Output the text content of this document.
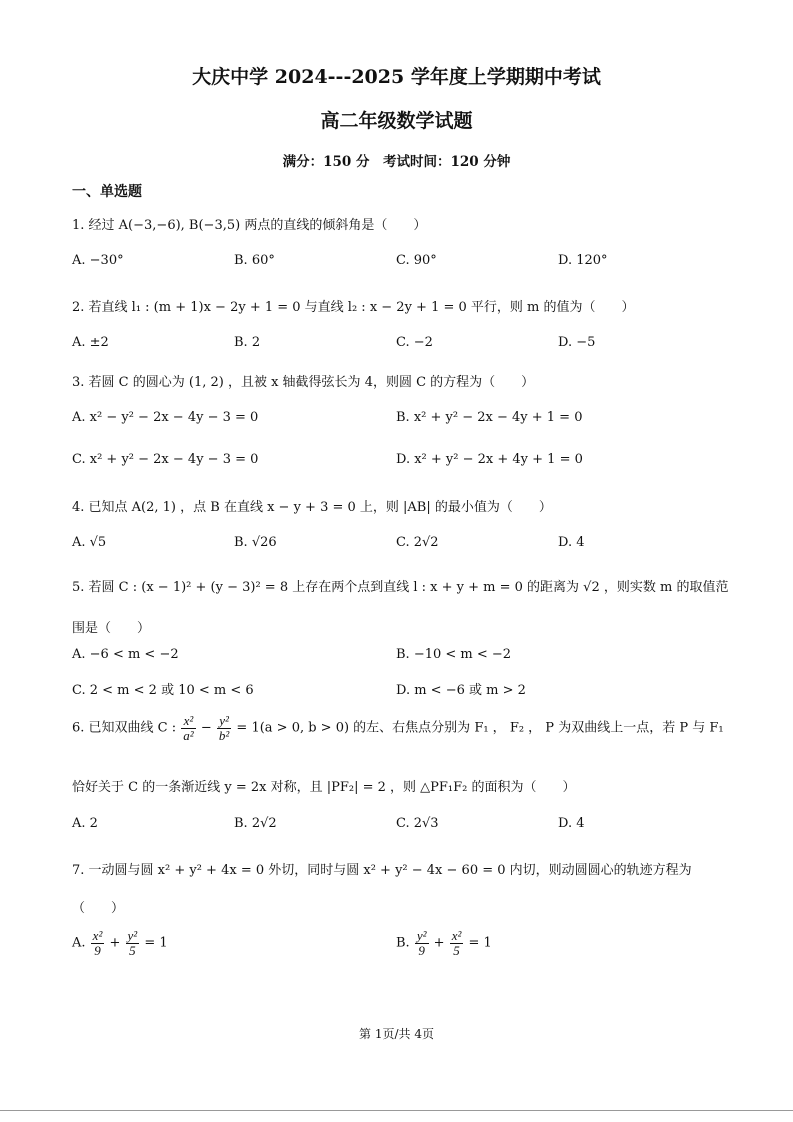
大庆中学 2024---2025 学年度上学期期中考试
高二年级数学试题
满分：150 分　考试时间：120 分钟
一、单选题
1. 经过 A(−3,−6), B(−3,5) 两点的直线的倾斜角是（　　）
A. −30°	B. 60°	C. 90°	D. 120°
2. 若直线 l₁ : (m + 1)x − 2y + 1 = 0 与直线 l₂ : x − 2y + 1 = 0 平行，则 m 的值为（　　）
A. ±2	B. 2	C. −2	D. −5
3. 若圆 C 的圆心为 (1, 2) ，且被 x 轴截得弦长为 4，则圆 C 的方程为（　　）
A. x² − y² − 2x − 4y − 3 = 0	B. x² + y² − 2x − 4y + 1 = 0
C. x² + y² − 2x − 4y − 3 = 0	D. x² + y² − 2x + 4y + 1 = 0
4. 已知点 A(2, 1) ，点 B 在直线 x − y + 3 = 0 上，则 |AB| 的最小值为（　　）
A. √5	B. √26	C. 2√2	D. 4
5. 若圆 C : (x − 1)² + (y − 3)² = 8 上存在两个点到直线 l : x + y + m = 0 的距离为 √2 ，则实数 m 的取值范
围是（　　）
A. −6 < m < −2	B. −10 < m < −2
C. 2 < m < 2 或 10 < m < 6	D. m < −6 或 m > 2
6. 已知双曲线 C : $\frac{\text{x²}}{\text{a²}} - \frac{\text{y²}}{\text{b²}} = 1(a > 0$, b > 0) 的左、右焦点分别为 F₁ ， F₂ ， P 为双曲线上一点，若 P 与 F₁
恰好关于 C 的一条渐近线 y = 2x 对称，且 |PF₂| = 2 ，则 △PF₁F₂ 的面积为（　　）
A. 2	B. 2√2	C. 2√3	D. 4
7. 一动圆与圆 x² + y² + 4x = 0 外切，同时与圆 x² + y² − 4x − 60 = 0 内切，则动圆圆心的轨迹方程为
（　　）
A. $\frac{\text{x²}}{9} + \frac{\text{y²}}{5} = 1$	B. $\frac{\text{y²}}{9} + \frac{\text{x²}}{5} = 1$
第 1页/共 4页
